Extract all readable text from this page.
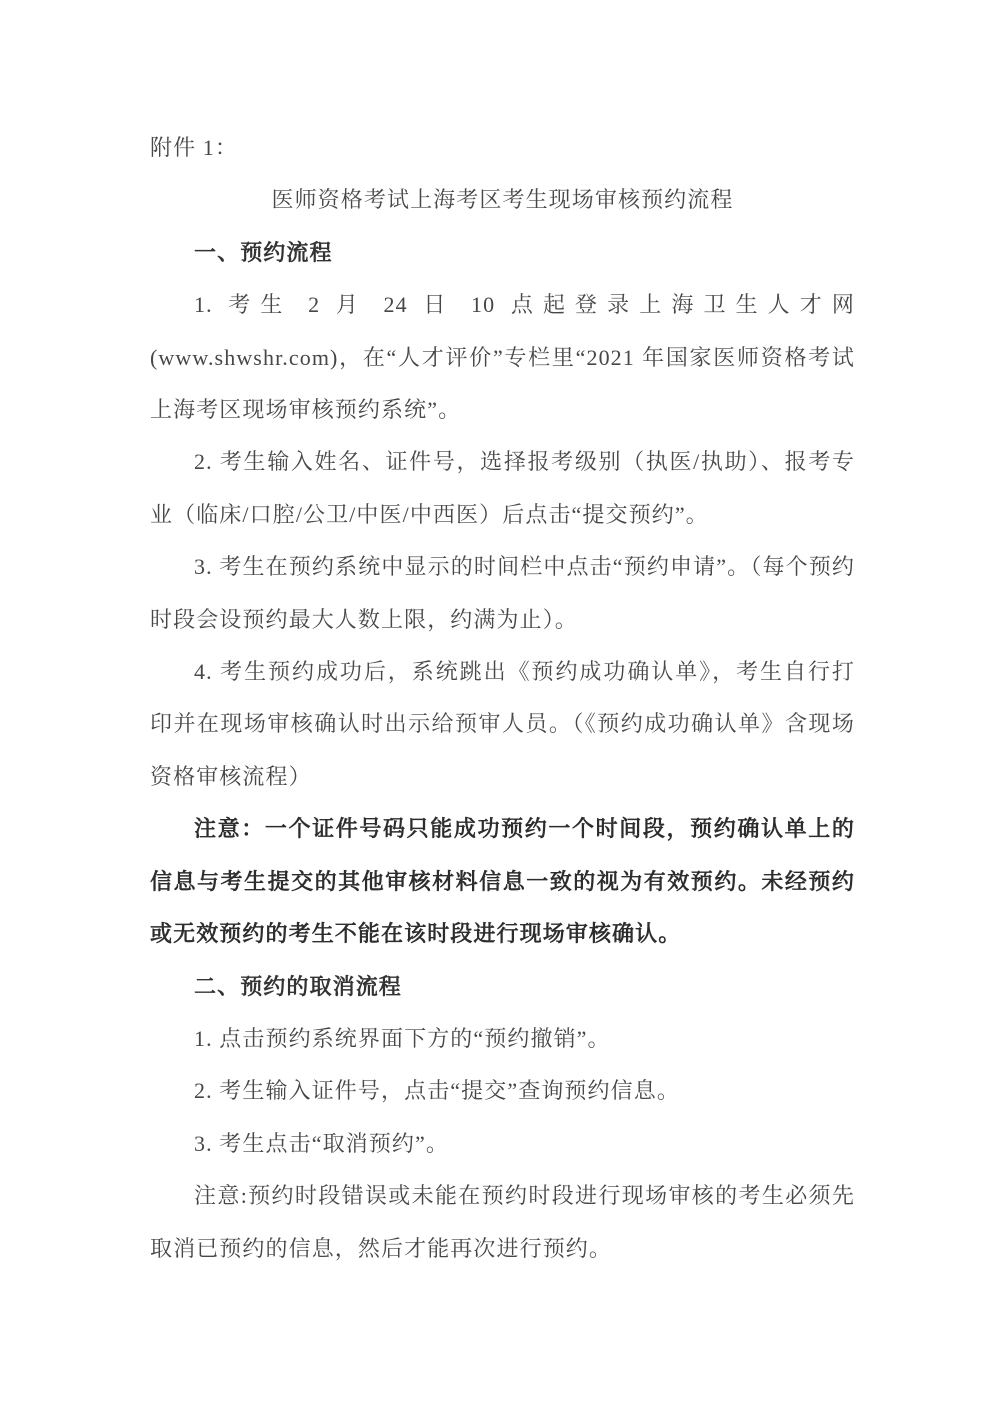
附件 1：

医师资格考试上海考区考生现场审核预约流程
一、预约流程

1. 考生 2 月 24 日 10 点起登录上海卫生人才网(www.shwshr.com)，在“人才评价”专栏里“2021 年国家医师资格考试上海考区现场审核预约系统”。

2. 考生输入姓名、证件号，选择报考级别（执医/执助）、报考专业（临床/口腔/公卫/中医/中西医）后点击“提交预约”。

3. 考生在预约系统中显示的时间栏中点击“预约申请”。（每个预约时段会设预约最大人数上限，约满为止）。

4. 考生预约成功后，系统跳出《预约成功确认单》，考生自行打印并在现场审核确认时出示给预审人员。（《预约成功确认单》含现场资格审核流程）

注意：一个证件号码只能成功预约一个时间段，预约确认单上的信息与考生提交的其他审核材料信息一致的视为有效预约。未经预约或无效预约的考生不能在该时段进行现场审核确认。

二、预约的取消流程

1. 点击预约系统界面下方的“预约撤销”。

2. 考生输入证件号，点击“提交”查询预约信息。

3. 考生点击“取消预约”。

注意:预约时段错误或未能在预约时段进行现场审核的考生必须先取消已预约的信息，然后才能再次进行预约。
